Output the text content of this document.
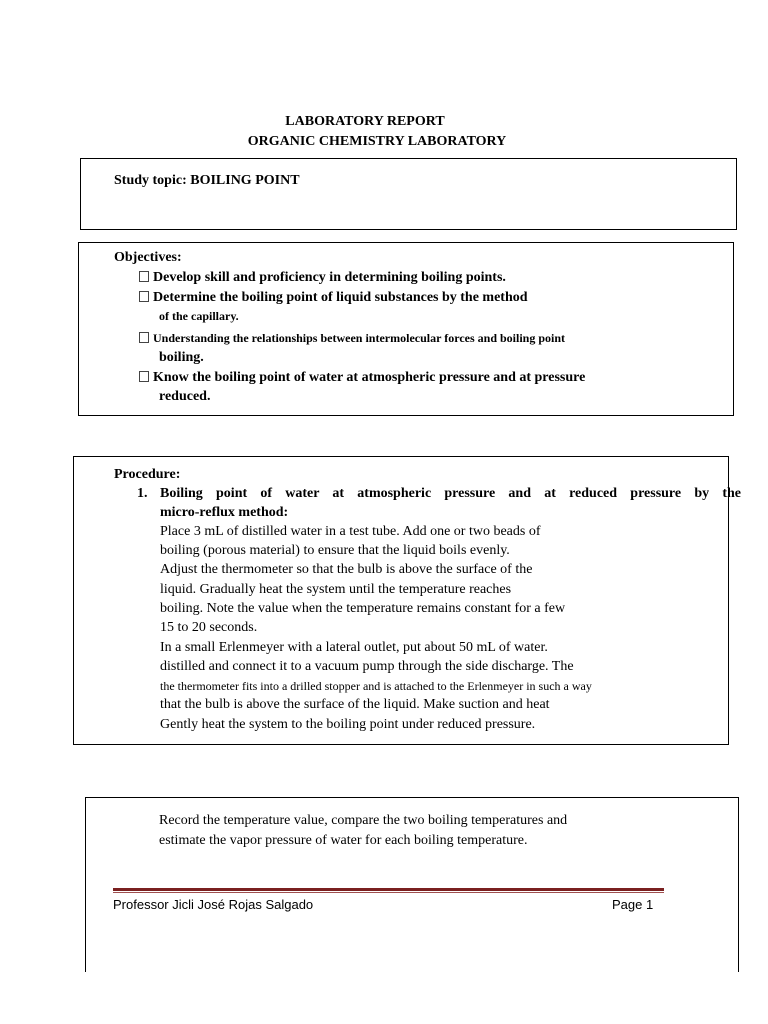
LABORATORY REPORT
ORGANIC CHEMISTRY LABORATORY
Study topic: BOILING POINT
Objectives:
Develop skill and proficiency in determining boiling points.
Determine the boiling point of liquid substances by the method
of the capillary.
Understanding the relationships between intermolecular forces and boiling point
boiling.
Know the boiling point of water at atmospheric pressure and at pressure
reduced.
Procedure:
1. Boiling point of water at atmospheric pressure and at reduced pressure by the
micro-reflux method:
Place 3 mL of distilled water in a test tube. Add one or two beads of
boiling (porous material) to ensure that the liquid boils evenly.
Adjust the thermometer so that the bulb is above the surface of the
liquid. Gradually heat the system until the temperature reaches
boiling. Note the value when the temperature remains constant for a few
15 to 20 seconds.
In a small Erlenmeyer with a lateral outlet, put about 50 mL of water.
distilled and connect it to a vacuum pump through the side discharge. The
the thermometer fits into a drilled stopper and is attached to the Erlenmeyer in such a way
that the bulb is above the surface of the liquid. Make suction and heat
Gently heat the system to the boiling point under reduced pressure.
Record the temperature value, compare the two boiling temperatures and
estimate the vapor pressure of water for each boiling temperature.
Professor Jicli José Rojas Salgado	Page 1
